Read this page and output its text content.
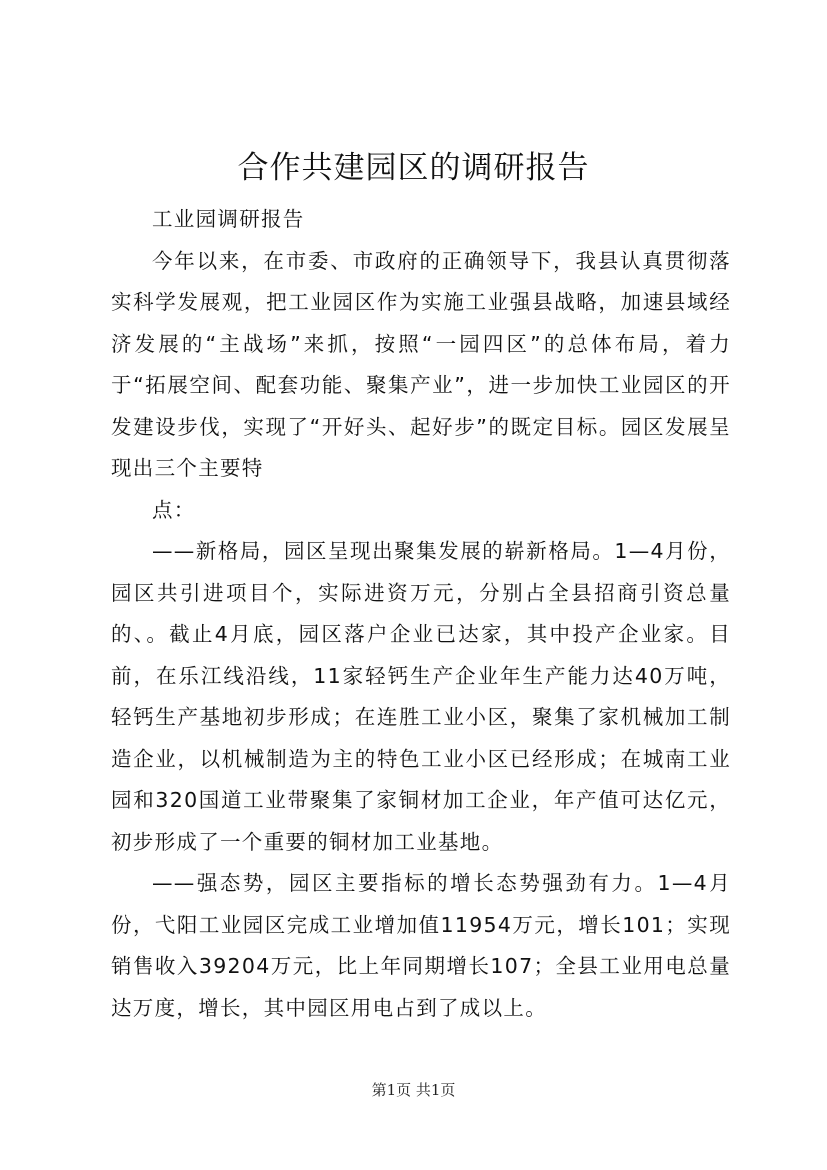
合作共建园区的调研报告

工业园调研报告

今年以来，在市委、市政府的正确领导下，我县认真贯彻落实科学发展观，把工业园区作为实施工业强县战略，加速县域经济发展的“主战场”来抓，按照“一园四区”的总体布局，着力于“拓展空间、配套功能、聚集产业”，进一步加快工业园区的开发建设步伐，实现了“开好头、起好步”的既定目标。园区发展呈现出三个主要特

点：

——新格局，园区呈现出聚集发展的崭新格局。1—4月份，园区共引进项目个，实际进资万元，分别占全县招商引资总量的、。截止4月底，园区落户企业已达家，其中投产企业家。目前，在乐江线沿线，11家轻钙生产企业年生产能力达40万吨，轻钙生产基地初步形成；在连胜工业小区，聚集了家机械加工制造企业，以机械制造为主的特色工业小区已经形成；在城南工业园和320国道工业带聚集了家铜材加工企业，年产值可达亿元，初步形成了一个重要的铜材加工业基地。

——强态势，园区主要指标的增长态势强劲有力。1—4月份，弋阳工业园区完成工业增加值11954万元，增长101；实现销售收入39204万元，比上年同期增长107；全县工业用电总量达万度，增长，其中园区用电占到了成以上。

第1页 共1页
